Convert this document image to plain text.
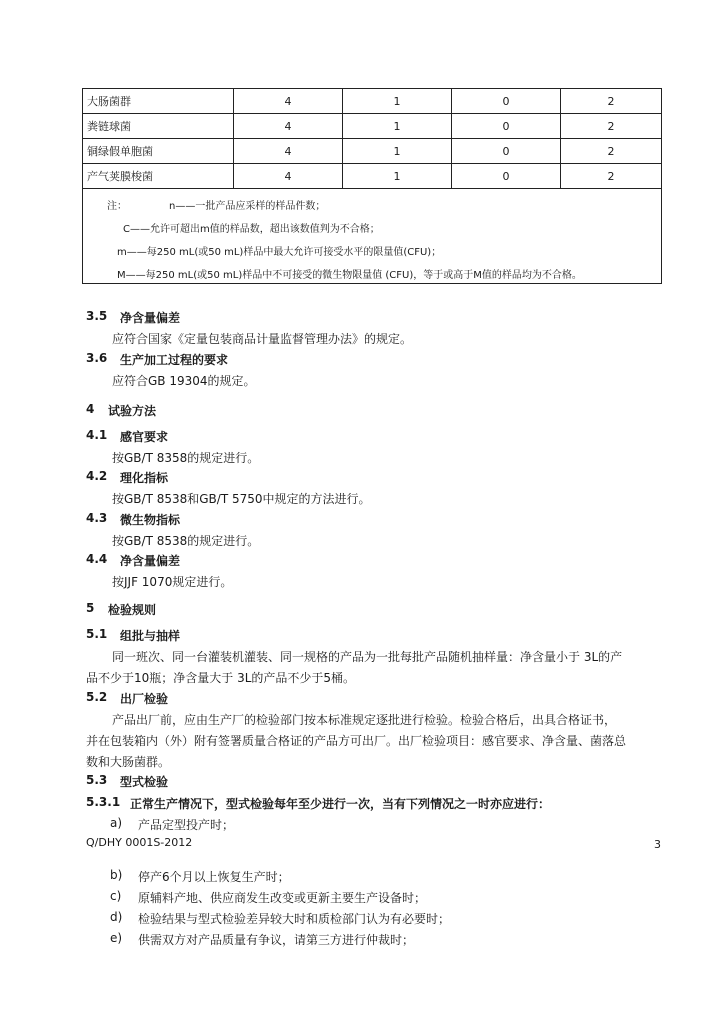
大肠菌群	4	1	0	2
粪链球菌	4	1	0	2
铜绿假单胞菌	4	1	0	2
产气荚膜梭菌	4	1	0	2
注：	n——一批产品应采样的样品件数；
C——允许可超出m值的样品数，超出该数值判为不合格；
m——每250 mL(或50 mL)样品中最大允许可接受水平的限量值(CFU)；
M——每250 mL(或50 mL)样品中不可接受的微生物限量值 (CFU)，等于或高于M值的样品均为不合格。
3.5 净含量偏差
应符合国家《定量包装商品计量监督管理办法》的规定。
3.6 生产加工过程的要求
应符合GB 19304的规定。
4 试验方法
4.1 感官要求
按GB/T 8358的规定进行。
4.2 理化指标
按GB/T 8538和GB/T 5750中规定的方法进行。
4.3 微生物指标
按GB/T 8538的规定进行。
4.4 净含量偏差
按JJF 1070规定进行。
5 检验规则
5.1 组批与抽样
同一班次、同一台灌装机灌装、同一规格的产品为一批每批产品随机抽样量：净含量小于 3L的产
品不少于10瓶；净含量大于 3L的产品不少于5桶。
5.2 出厂检验
产品出厂前，应由生产厂的检验部门按本标准规定逐批进行检验。检验合格后，出具合格证书，
并在包装箱内（外）附有签署质量合格证的产品方可出厂。出厂检验项目：感官要求、净含量、菌落总
数和大肠菌群。
5.3 型式检验
5.3.1 正常生产情况下，型式检验每年至少进行一次，当有下列情况之一时亦应进行：
a) 产品定型投产时；
Q/DHY 0001S-2012	3
b) 停产6个月以上恢复生产时；
c) 原辅料产地、供应商发生改变或更新主要生产设备时；
d) 检验结果与型式检验差异较大时和质检部门认为有必要时；
e) 供需双方对产品质量有争议，请第三方进行仲裁时；
